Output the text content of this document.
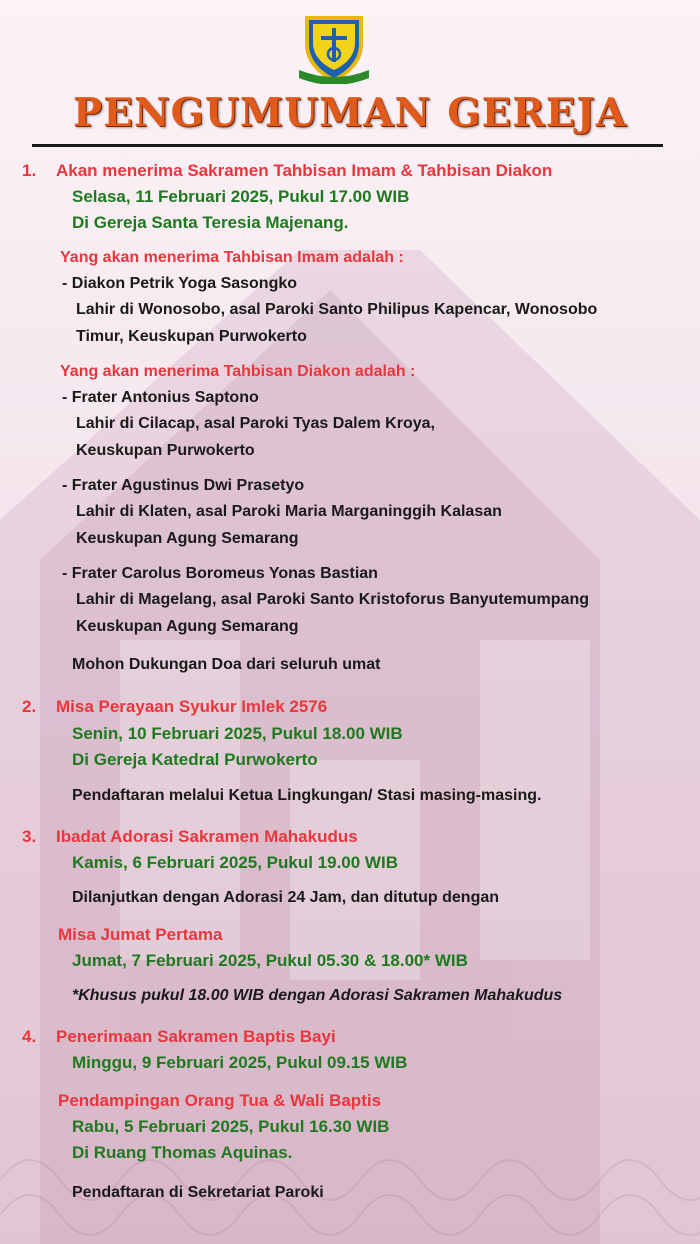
PENGUMUMAN GEREJA
1.	Akan menerima Sakramen Tahbisan Imam & Tahbisan Diakon
Selasa, 11 Februari 2025, Pukul 17.00 WIB
Di Gereja Santa Teresia Majenang.
Yang akan menerima Tahbisan Imam adalah :
- Diakon Petrik Yoga Sasongko
Lahir di Wonosobo, asal Paroki Santo Philipus Kapencar, Wonosobo
Timur, Keuskupan Purwokerto
Yang akan menerima Tahbisan Diakon adalah :
- Frater Antonius Saptono
Lahir di Cilacap, asal Paroki Tyas Dalem Kroya,
Keuskupan Purwokerto
- Frater Agustinus Dwi Prasetyo
Lahir di Klaten, asal Paroki Maria Marganinggih Kalasan
Keuskupan Agung Semarang
- Frater Carolus Boromeus Yonas Bastian
Lahir di Magelang, asal Paroki Santo Kristoforus Banyutemumpang
Keuskupan Agung Semarang
Mohon Dukungan Doa dari seluruh umat
2.	Misa Perayaan Syukur Imlek 2576
Senin, 10 Februari 2025, Pukul 18.00 WIB
Di Gereja Katedral Purwokerto
Pendaftaran melalui Ketua Lingkungan/ Stasi masing-masing.
3.	Ibadat Adorasi Sakramen Mahakudus
Kamis, 6 Februari 2025, Pukul 19.00 WIB
Dilanjutkan dengan Adorasi 24 Jam, dan ditutup dengan
Misa Jumat Pertama
Jumat, 7 Februari 2025, Pukul 05.30 & 18.00* WIB
*Khusus pukul 18.00 WIB dengan Adorasi Sakramen Mahakudus
4.	Penerimaan Sakramen Baptis Bayi
Minggu, 9 Februari 2025, Pukul 09.15 WIB
Pendampingan Orang Tua & Wali Baptis
Rabu, 5 Februari 2025, Pukul 16.30 WIB
Di Ruang Thomas Aquinas.
Pendaftaran di Sekretariat Paroki
